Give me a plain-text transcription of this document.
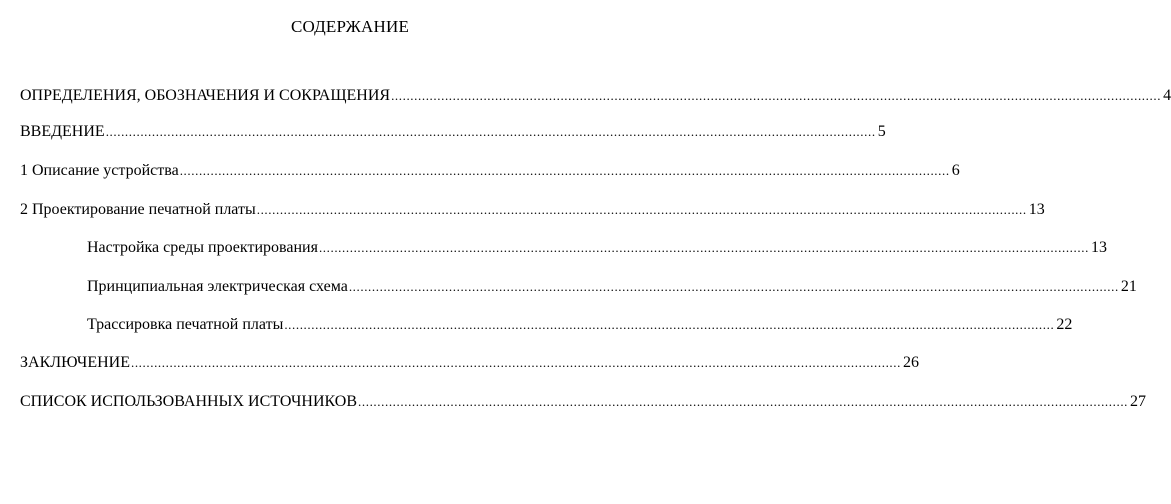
СОДЕРЖАНИЕ
ОПРЕДЕЛЕНИЯ, ОБОЗНАЧЕНИЯ И СОКРАЩЕНИЯ ........................................................................................................................................................................................................ 4
ВВЕДЕНИЕ ........................................................................................................................................................................................................ 5
1 Описание устройства ........................................................................................................................................................................................................ 6
2 Проектирование печатной платы ........................................................................................................................................................................................................ 13
Настройка среды проектирования ........................................................................................................................................................................................................ 13
Принципиальная электрическая схема ........................................................................................................................................................................................................ 21
Трассировка печатной платы ........................................................................................................................................................................................................ 22
ЗАКЛЮЧЕНИЕ ........................................................................................................................................................................................................ 26
СПИСОК ИСПОЛЬЗОВАННЫХ ИСТОЧНИКОВ ........................................................................................................................................................................................................ 27
